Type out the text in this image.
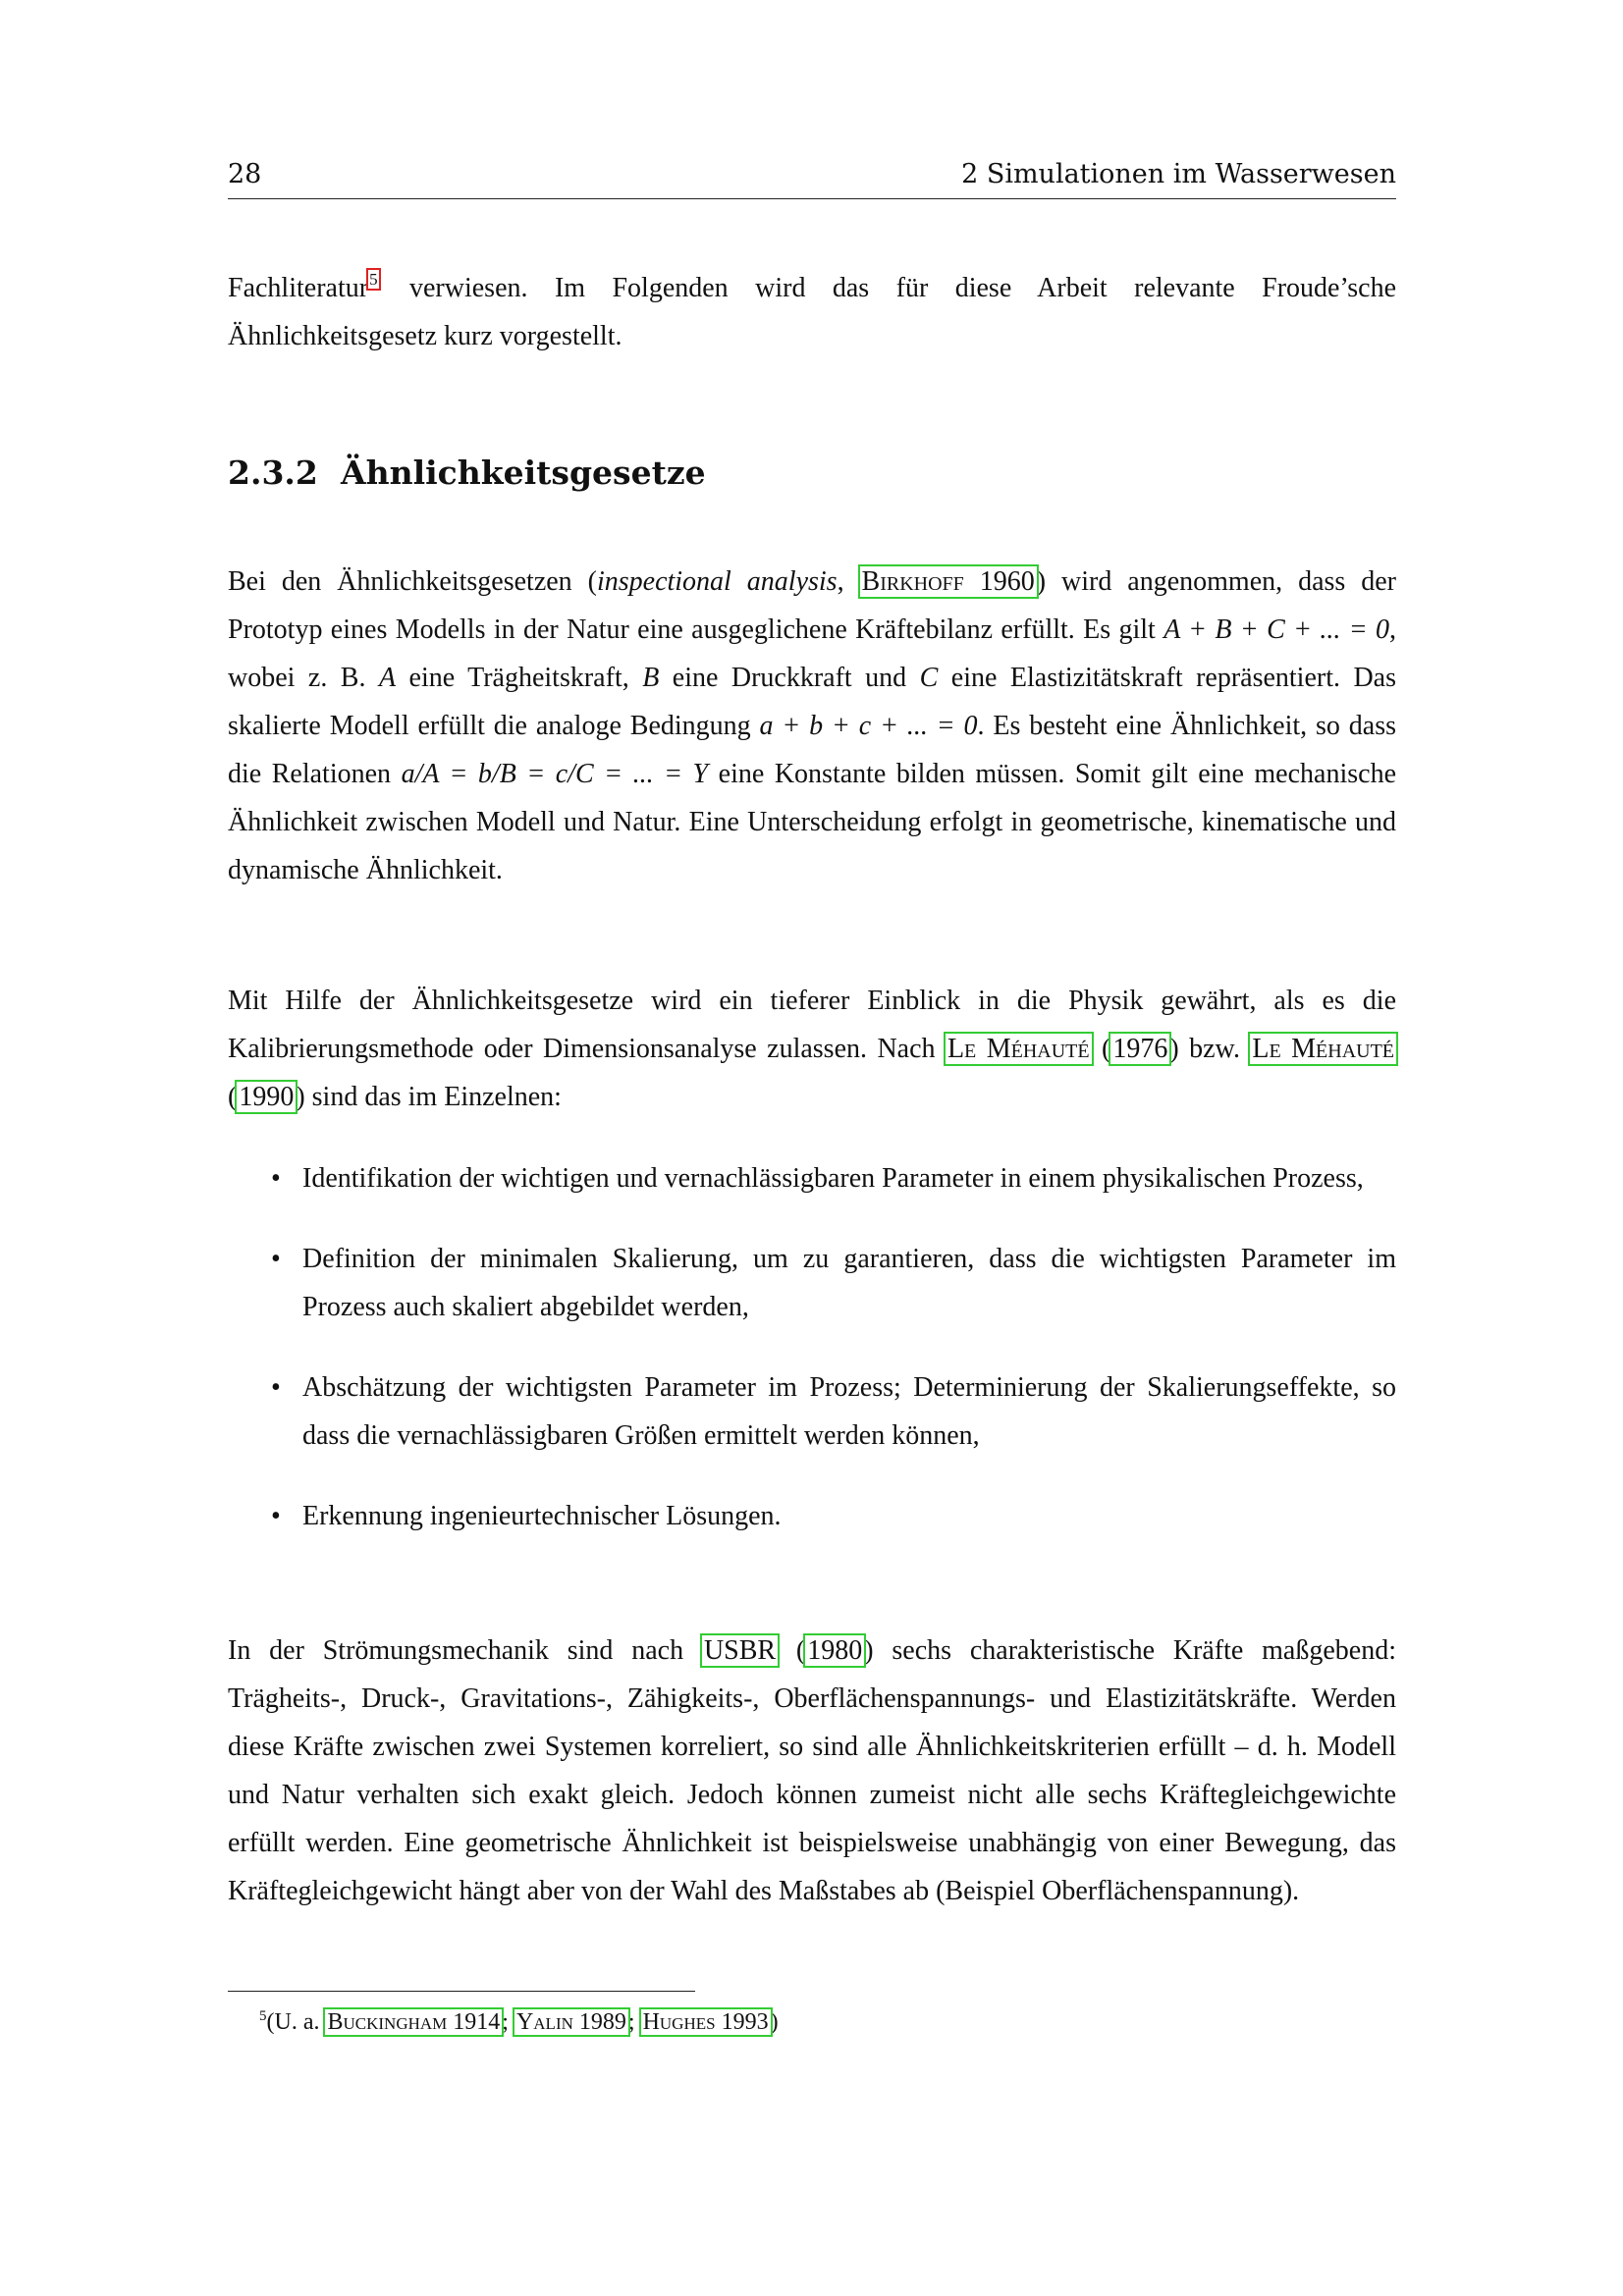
28	2 Simulationen im Wasserwesen
Fachliteratur$^5$ verwiesen. Im Folgenden wird das für diese Arbeit relevante Froude’sche Ähnlichkeitsgesetz kurz vorgestellt.
2.3.2 Ähnlichkeitsgesetze
Bei den Ähnlichkeitsgesetzen (inspectional analysis, Birkhoff 1960) wird angenommen, dass der Prototyp eines Modells in der Natur eine ausgeglichene Kräftebilanz erfüllt. Es gilt A + B + C + ... = 0, wobei z. B. A eine Trägheitskraft, B eine Druckkraft und C eine Elastizitätskraft repräsentiert. Das skalierte Modell erfüllt die analoge Bedingung a + b + c + ... = 0. Es besteht eine Ähnlichkeit, so dass die Relationen a/A = b/B = c/C = ... = Y eine Konstante bilden müssen. Somit gilt eine mechanische Ähnlichkeit zwischen Modell und Natur. Eine Unterscheidung erfolgt in geometrische, kinematische und dynamische Ähnlichkeit.
Mit Hilfe der Ähnlichkeitsgesetze wird ein tieferer Einblick in die Physik gewährt, als es die Kalibrierungsmethode oder Dimensionsanalyse zulassen. Nach Le Méhauté (1976) bzw. Le Méhauté (1990) sind das im Einzelnen:
• Identifikation der wichtigen und vernachlässigbaren Parameter in einem physikalischen Prozess,
• Definition der minimalen Skalierung, um zu garantieren, dass die wichtigsten Parameter im Prozess auch skaliert abgebildet werden,
• Abschätzung der wichtigsten Parameter im Prozess; Determinierung der Skalierungseffekte, so dass die vernachlässigbaren Größen ermittelt werden können,
• Erkennung ingenieurtechnischer Lösungen.
In der Strömungsmechanik sind nach USBR (1980) sechs charakteristische Kräfte maßgebend: Trägheits-, Druck-, Gravitations-, Zähigkeits-, Oberflächenspannungs- und Elastizitätskräfte. Werden diese Kräfte zwischen zwei Systemen korreliert, so sind alle Ähnlichkeitskriterien erfüllt – d. h. Modell und Natur verhalten sich exakt gleich. Jedoch können zumeist nicht alle sechs Kräftegleichgewichte erfüllt werden. Eine geometrische Ähnlichkeit ist beispielsweise unabhängig von einer Bewegung, das Kräftegleichgewicht hängt aber von der Wahl des Maßstabes ab (Beispiel Oberflächenspannung).
$^5$(U. a. Buckingham 1914; Yalin 1989; Hughes 1993)
